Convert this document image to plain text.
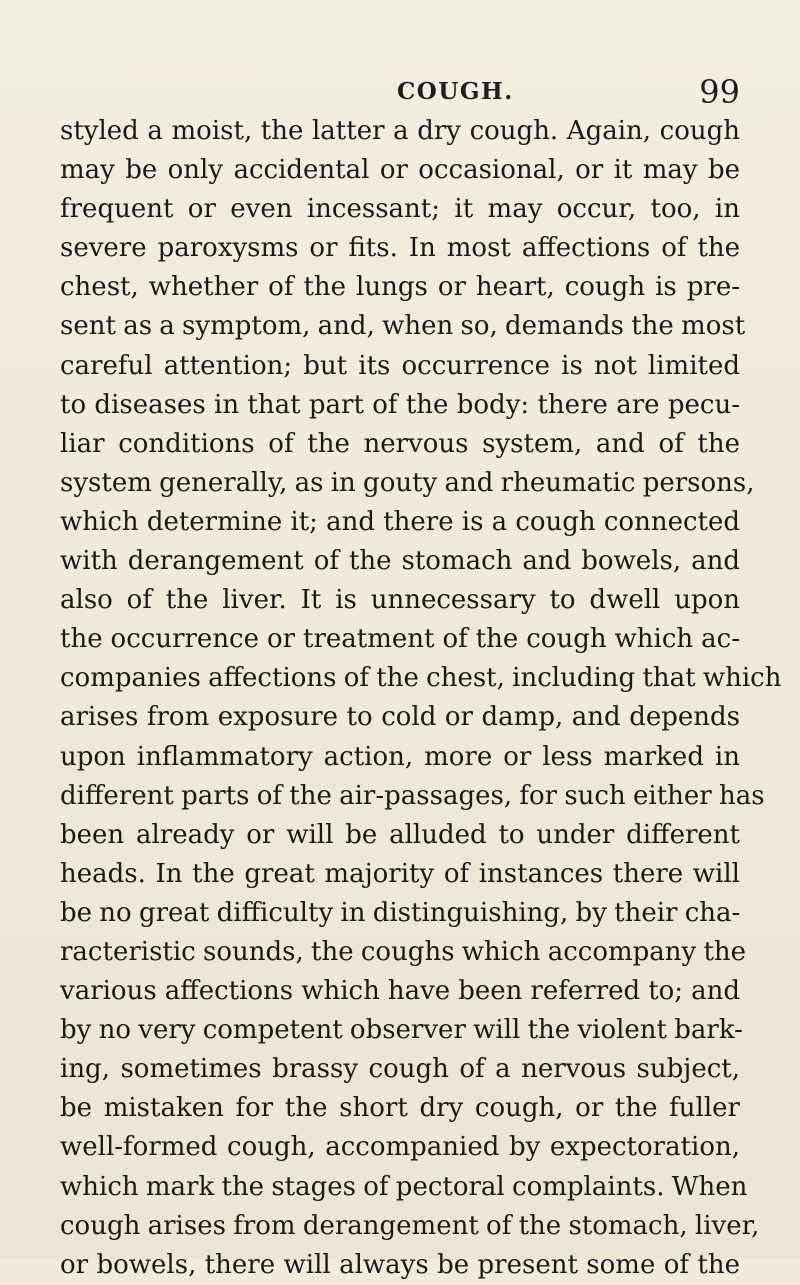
COUGH.	99
styled a moist, the latter a dry cough. Again, cough
may be only accidental or occasional, or it may be
frequent or even incessant; it may occur, too, in
severe paroxysms or fits. In most affections of the
chest, whether of the lungs or heart, cough is pre-
sent as a symptom, and, when so, demands the most
careful attention; but its occurrence is not limited
to diseases in that part of the body: there are pecu-
liar conditions of the nervous system, and of the
system generally, as in gouty and rheumatic persons,
which determine it; and there is a cough connected
with derangement of the stomach and bowels, and
also of the liver. It is unnecessary to dwell upon
the occurrence or treatment of the cough which ac-
companies affections of the chest, including that which
arises from exposure to cold or damp, and depends
upon inflammatory action, more or less marked in
different parts of the air-passages, for such either has
been already or will be alluded to under different
heads. In the great majority of instances there will
be no great difficulty in distinguishing, by their cha-
racteristic sounds, the coughs which accompany the
various affections which have been referred to; and
by no very competent observer will the violent bark-
ing, sometimes brassy cough of a nervous subject,
be mistaken for the short dry cough, or the fuller
well-formed cough, accompanied by expectoration,
which mark the stages of pectoral complaints. When
cough arises from derangement of the stomach, liver,
or bowels, there will always be present some of the
